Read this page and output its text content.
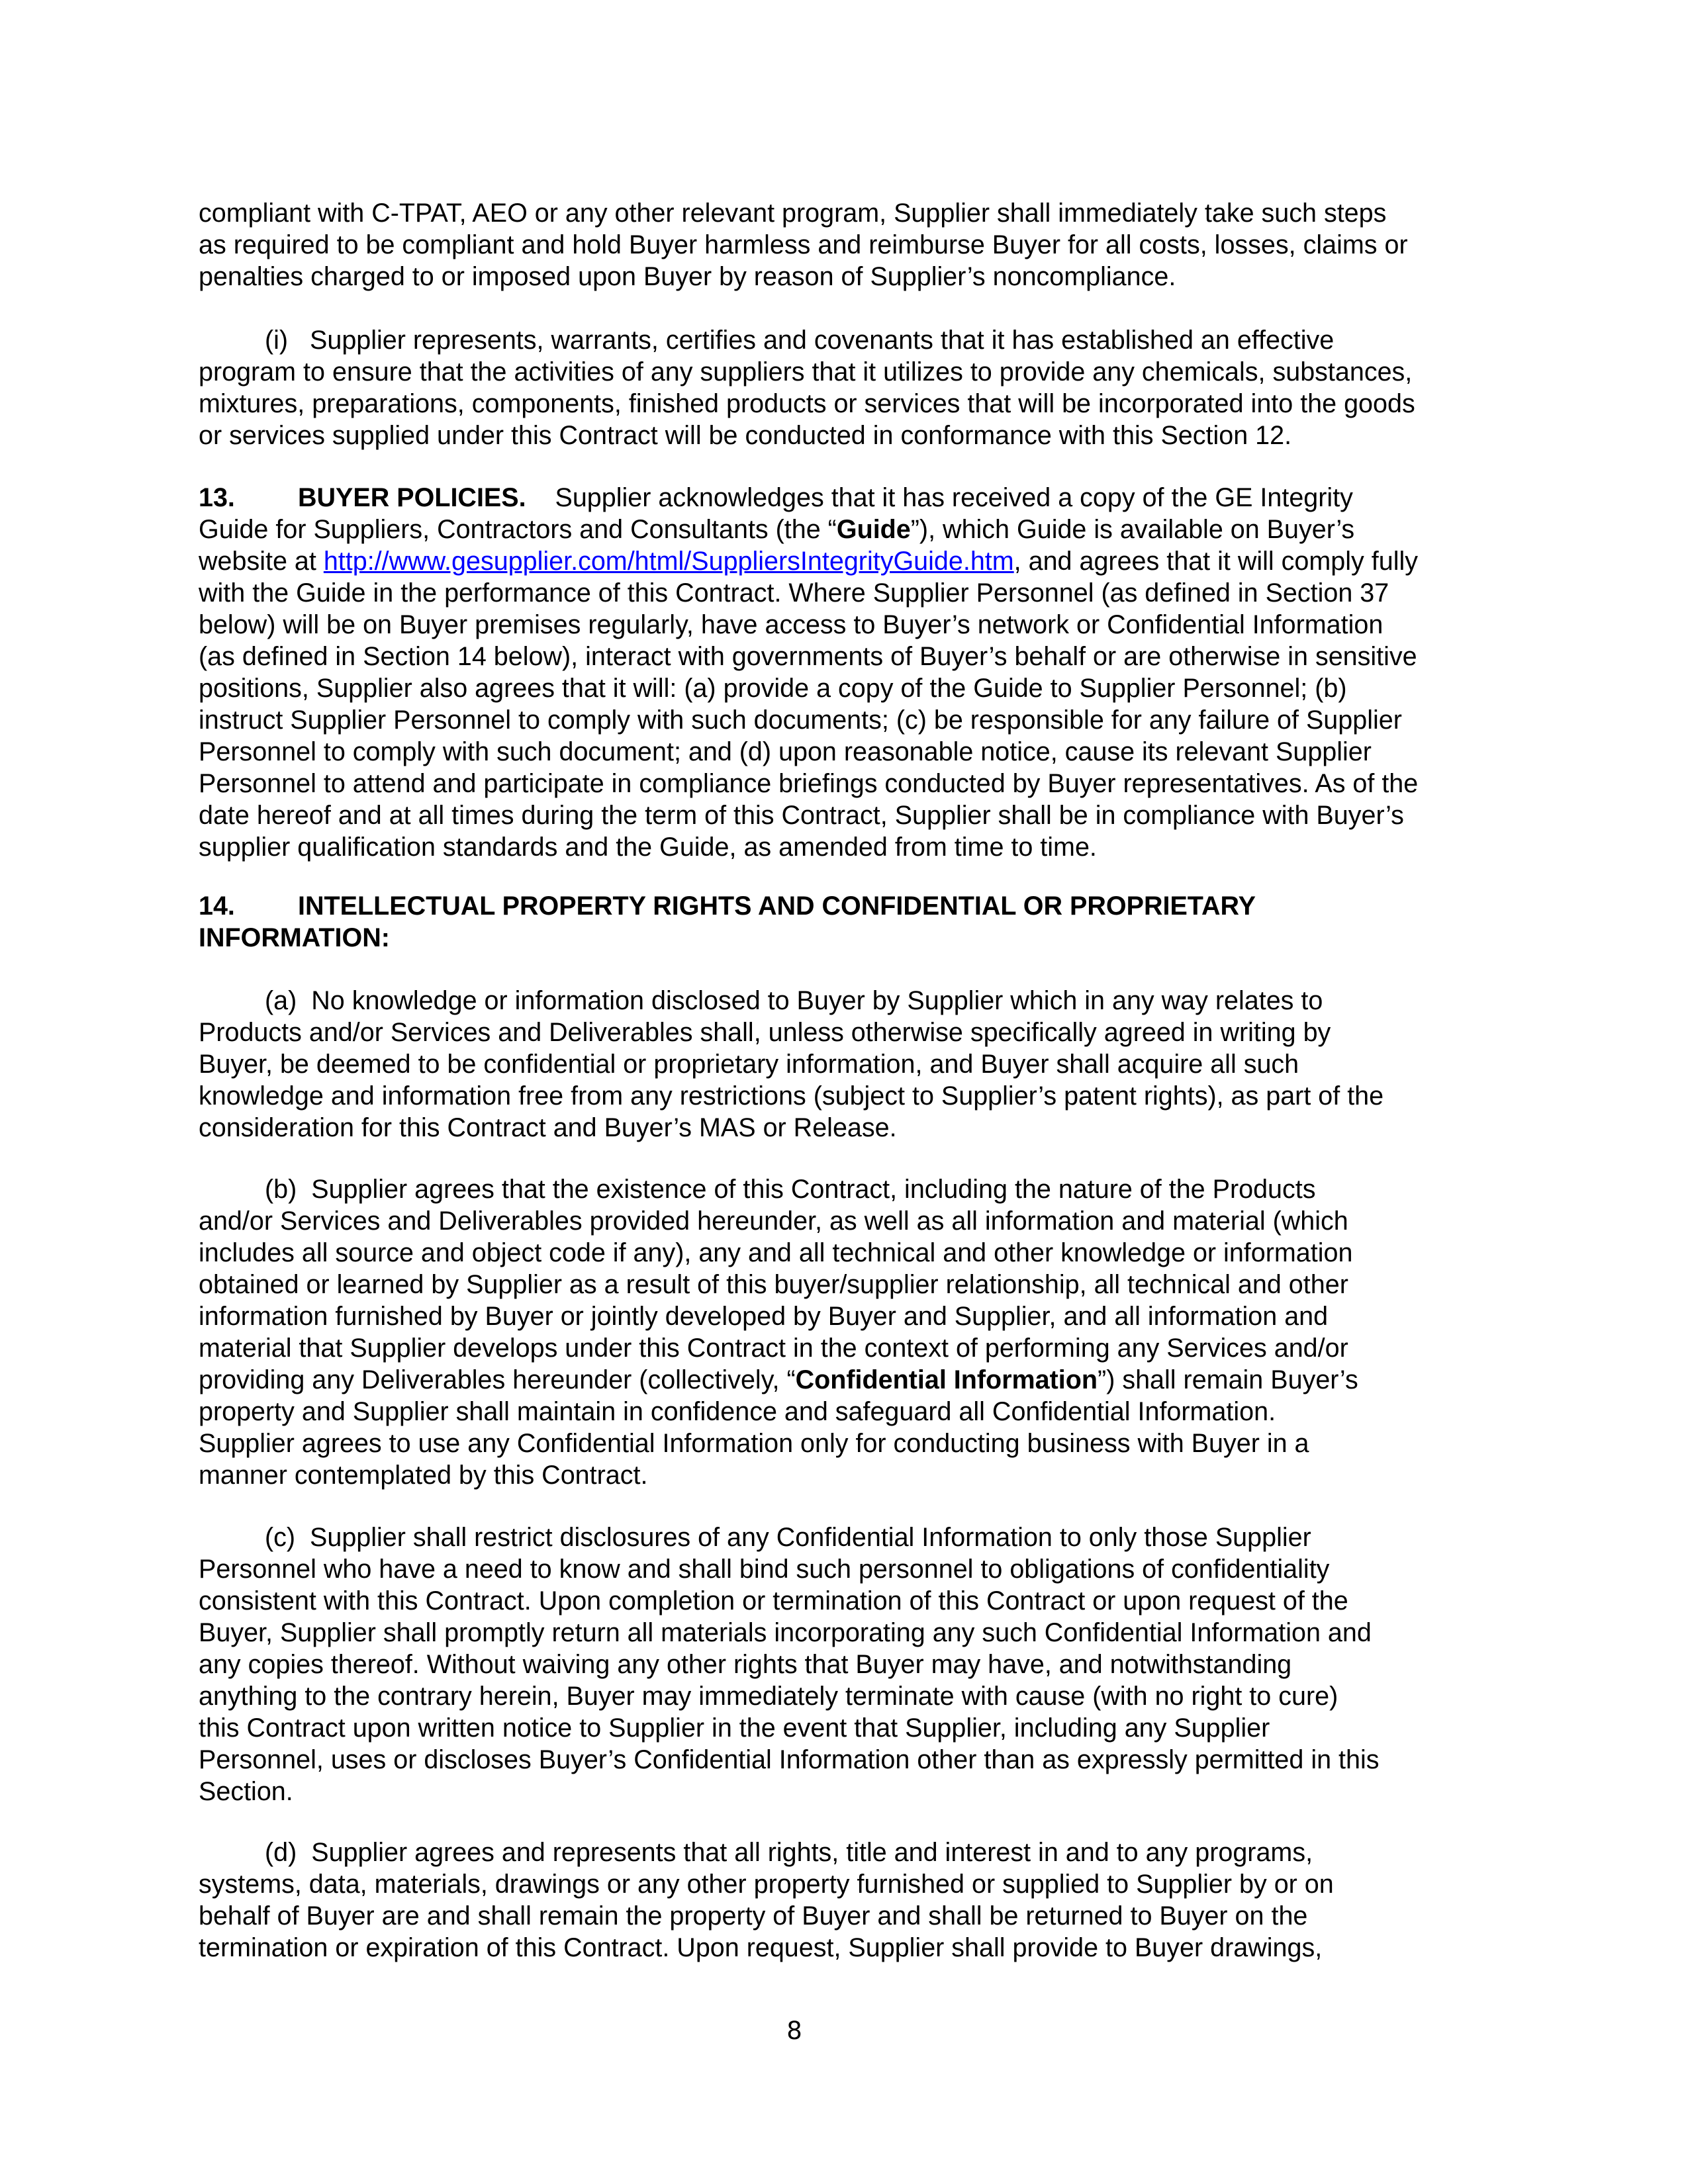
compliant with C-TPAT, AEO or any other relevant program, Supplier shall immediately take such steps
as required to be compliant and hold Buyer harmless and reimburse Buyer for all costs, losses, claims or
penalties charged to or imposed upon Buyer by reason of Supplier’s noncompliance.
(i)   Supplier represents, warrants, certifies and covenants that it has established an effective
program to ensure that the activities of any suppliers that it utilizes to provide any chemicals, substances,
mixtures, preparations, components, finished products or services that will be incorporated into the goods
or services supplied under this Contract will be conducted in conformance with this Section 12.
13. BUYER POLICIES.    Supplier acknowledges that it has received a copy of the GE Integrity
Guide for Suppliers, Contractors and Consultants (the “Guide”), which Guide is available on Buyer’s
website at http://www.gesupplier.com/html/SuppliersIntegrityGuide.htm, and agrees that it will comply fully
with the Guide in the performance of this Contract. Where Supplier Personnel (as defined in Section 37
below) will be on Buyer premises regularly, have access to Buyer’s network or Confidential Information
(as defined in Section 14 below), interact with governments of Buyer’s behalf or are otherwise in sensitive
positions, Supplier also agrees that it will: (a) provide a copy of the Guide to Supplier Personnel; (b)
instruct Supplier Personnel to comply with such documents; (c) be responsible for any failure of Supplier
Personnel to comply with such document; and (d) upon reasonable notice, cause its relevant Supplier
Personnel to attend and participate in compliance briefings conducted by Buyer representatives. As of the
date hereof and at all times during the term of this Contract, Supplier shall be in compliance with Buyer’s
supplier qualification standards and the Guide, as amended from time to time.
14. INTELLECTUAL PROPERTY RIGHTS AND CONFIDENTIAL OR PROPRIETARY
INFORMATION:
(a)  No knowledge or information disclosed to Buyer by Supplier which in any way relates to
Products and/or Services and Deliverables shall, unless otherwise specifically agreed in writing by
Buyer, be deemed to be confidential or proprietary information, and Buyer shall acquire all such
knowledge and information free from any restrictions (subject to Supplier’s patent rights), as part of the
consideration for this Contract and Buyer’s MAS or Release.
(b)  Supplier agrees that the existence of this Contract, including the nature of the Products
and/or Services and Deliverables provided hereunder, as well as all information and material (which
includes all source and object code if any), any and all technical and other knowledge or information
obtained or learned by Supplier as a result of this buyer/supplier relationship, all technical and other
information furnished by Buyer or jointly developed by Buyer and Supplier, and all information and
material that Supplier develops under this Contract in the context of performing any Services and/or
providing any Deliverables hereunder (collectively, “Confidential Information”) shall remain Buyer’s
property and Supplier shall maintain in confidence and safeguard all Confidential Information.
Supplier agrees to use any Confidential Information only for conducting business with Buyer in a
manner contemplated by this Contract.
(c)  Supplier shall restrict disclosures of any Confidential Information to only those Supplier
Personnel who have a need to know and shall bind such personnel to obligations of confidentiality
consistent with this Contract. Upon completion or termination of this Contract or upon request of the
Buyer, Supplier shall promptly return all materials incorporating any such Confidential Information and
any copies thereof. Without waiving any other rights that Buyer may have, and notwithstanding
anything to the contrary herein, Buyer may immediately terminate with cause (with no right to cure)
this Contract upon written notice to Supplier in the event that Supplier, including any Supplier
Personnel, uses or discloses Buyer’s Confidential Information other than as expressly permitted in this
Section.
(d)  Supplier agrees and represents that all rights, title and interest in and to any programs,
systems, data, materials, drawings or any other property furnished or supplied to Supplier by or on
behalf of Buyer are and shall remain the property of Buyer and shall be returned to Buyer on the
termination or expiration of this Contract. Upon request, Supplier shall provide to Buyer drawings,
8
